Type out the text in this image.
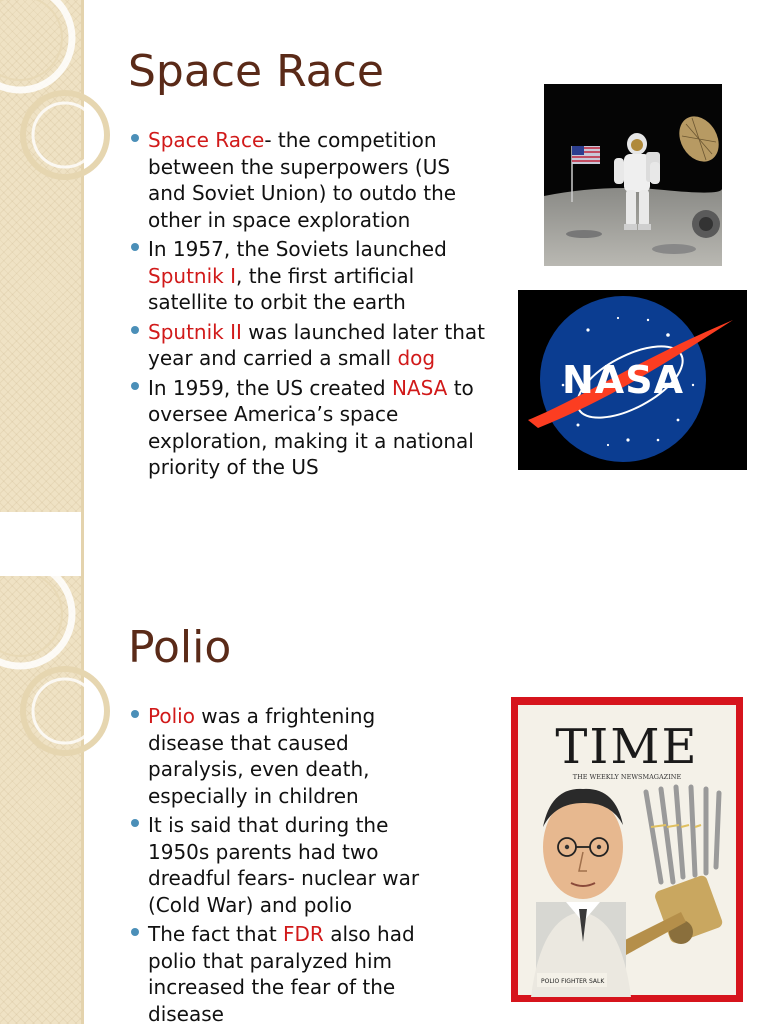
Space Race
Space Race- the competition between the superpowers (US and Soviet Union) to outdo the other in space exploration
In 1957, the Soviets launched Sputnik I, the first artificial satellite to orbit the earth
Sputnik II was launched later that year and carried a small dog
In 1959, the US created NASA to oversee America’s space exploration, making it a national priority of the US
NASA
Polio
Polio was a frightening disease that caused paralysis, even death, especially in children
It is said that during the 1950s parents had two dreadful fears- nuclear war (Cold War) and polio
The fact that FDR also had polio that paralyzed him increased the fear of the disease
TIME
THE WEEKLY NEWSMAGAZINE
POLIO FIGHTER SALK
